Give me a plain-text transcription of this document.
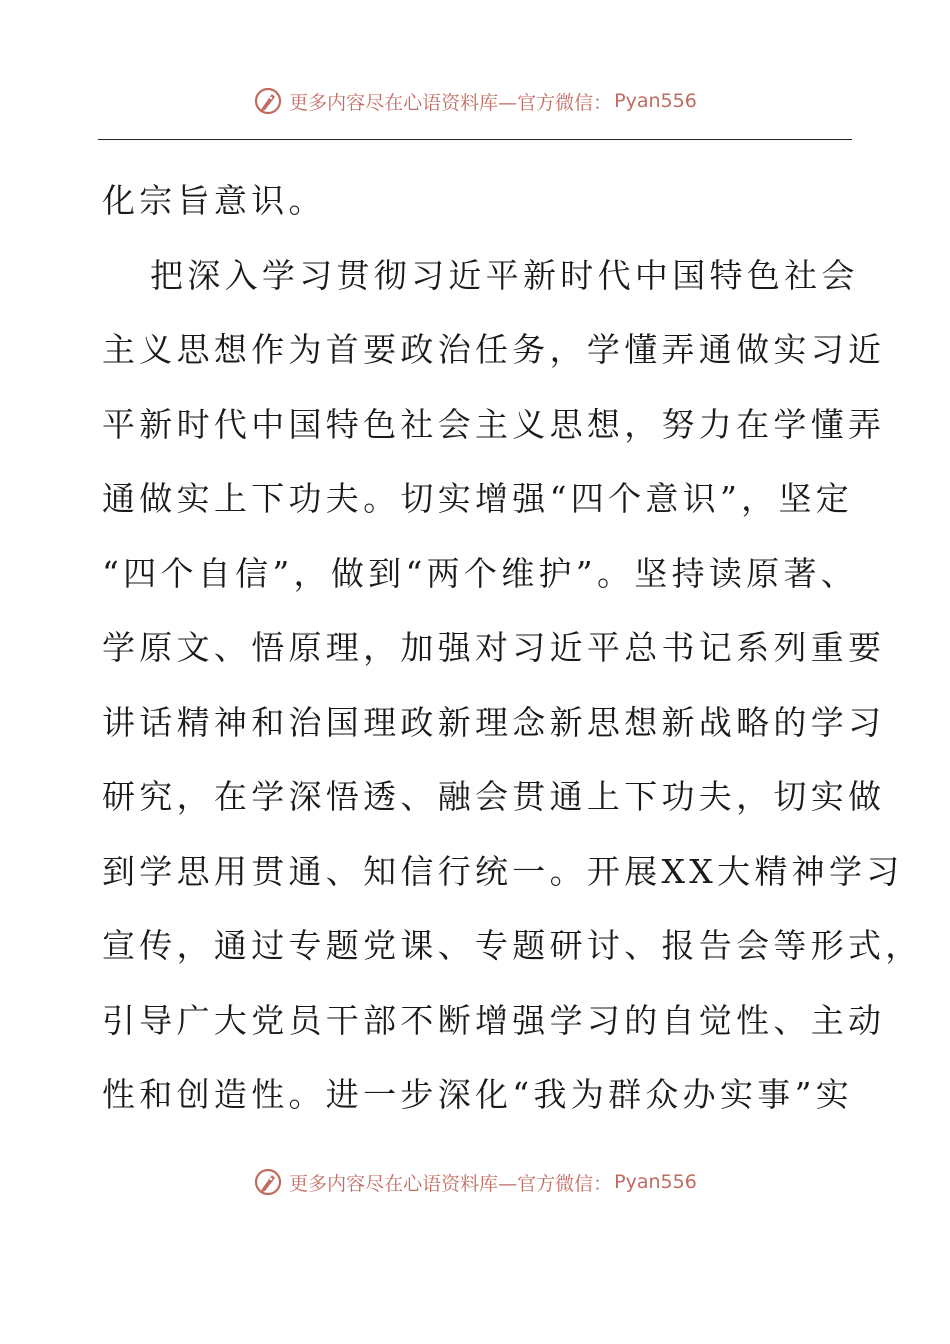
更多内容尽在心语资料库—官方微信： Pyan556
化宗旨意识。
把深入学习贯彻习近平新时代中国特色社会
主义思想作为首要政治任务，学懂弄通做实习近
平新时代中国特色社会主义思想，努力在学懂弄
通做实上下功夫。切实增强“四个意识”，坚定
“四个自信”，做到“两个维护”。坚持读原著、
学原文、悟原理，加强对习近平总书记系列重要
讲话精神和治国理政新理念新思想新战略的学习
研究，在学深悟透、融会贯通上下功夫，切实做
到学思用贯通、知信行统一。开展XX大精神学习
宣传，通过专题党课、专题研讨、报告会等形式，
引导广大党员干部不断增强学习的自觉性、主动
性和创造性。进一步深化“我为群众办实事”实
更多内容尽在心语资料库—官方微信： Pyan556
